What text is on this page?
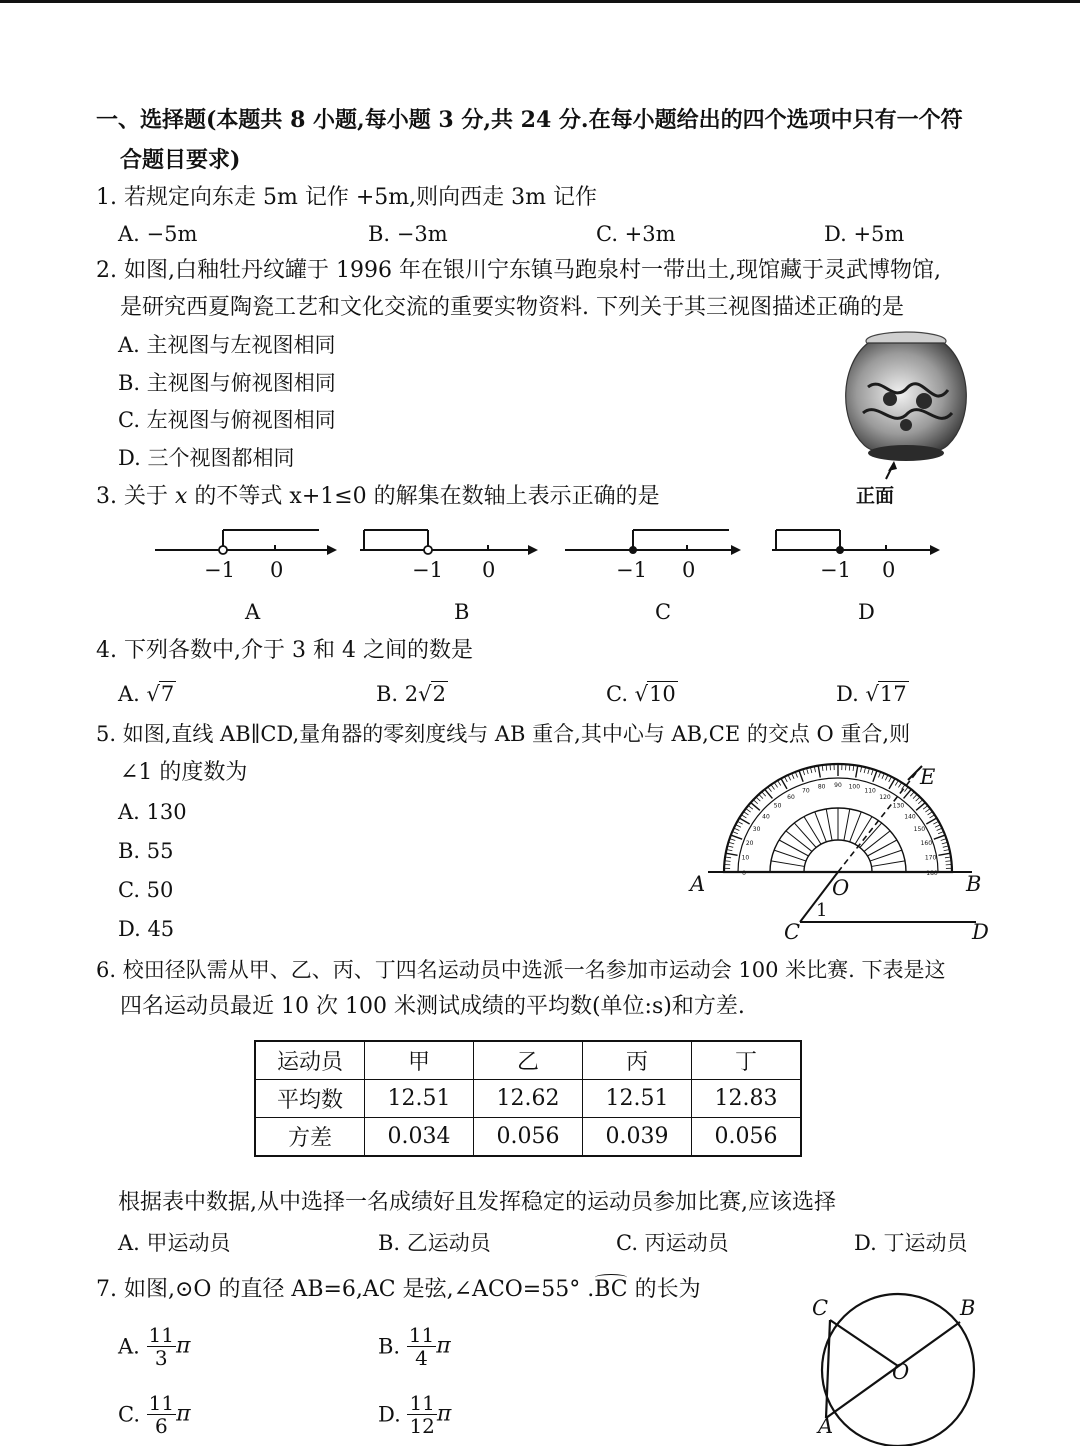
一、选择题(本题共 8 小题,每小题 3 分,共 24 分.在每小题给出的四个选项中只有一个符
合题目要求)
1. 若规定向东走 5m 记作 +5m,则向西走 3m 记作
A. −5m	B. −3m	C. +3m	D. +5m
2. 如图,白釉牡丹纹罐于 1996 年在银川宁东镇马跑泉村一带出土,现馆藏于灵武博物馆,
是研究西夏陶瓷工艺和文化交流的重要实物资料. 下列关于其三视图描述正确的是
A. 主视图与左视图相同
B. 主视图与俯视图相同
C. 左视图与俯视图相同
D. 三个视图都相同
正面
3. 关于 x 的不等式 x+1≤0 的解集在数轴上表示正确的是
−1 0
A
−1 0
B
−1 0
C
−1 0
D
4. 下列各数中,介于 3 和 4 之间的数是
A. √7	B. 2√2	C. √10	D. √17
5. 如图,直线 AB∥CD,量角器的零刻度线与 AB 重合,其中心与 AB,CE 的交点 O 重合,则
∠1 的度数为
A. 130
B. 55
C. 50
D. 45
0
10
20
30
40
50
60
70
80 90 100
110
120
130
140
150
160
170
180
E
A	O	B
C	D
1
6. 校田径队需从甲、乙、丙、丁四名运动员中选派一名参加市运动会 100 米比赛. 下表是这
四名运动员最近 10 次 100 米测试成绩的平均数(单位:s)和方差.
运动员	甲	乙	丙	丁
平均数	12.51	12.62	12.51	12.83
方差	0.034	0.056	0.039	0.056
根据表中数据,从中选择一名成绩好且发挥稳定的运动员参加比赛,应该选择
A. 甲运动员	B. 乙运动员	C. 丙运动员	D. 丁运动员
7. 如图,⊙O 的直径 AB=6,AC 是弦,∠ACO=55° .BC 的长为
A. $\frac{11}{3}$ π	B. $\frac{11}{4}$ π
C. $\frac{11}{6}$ π	D. $\frac{11}{12}$ π
C	B
O
A
